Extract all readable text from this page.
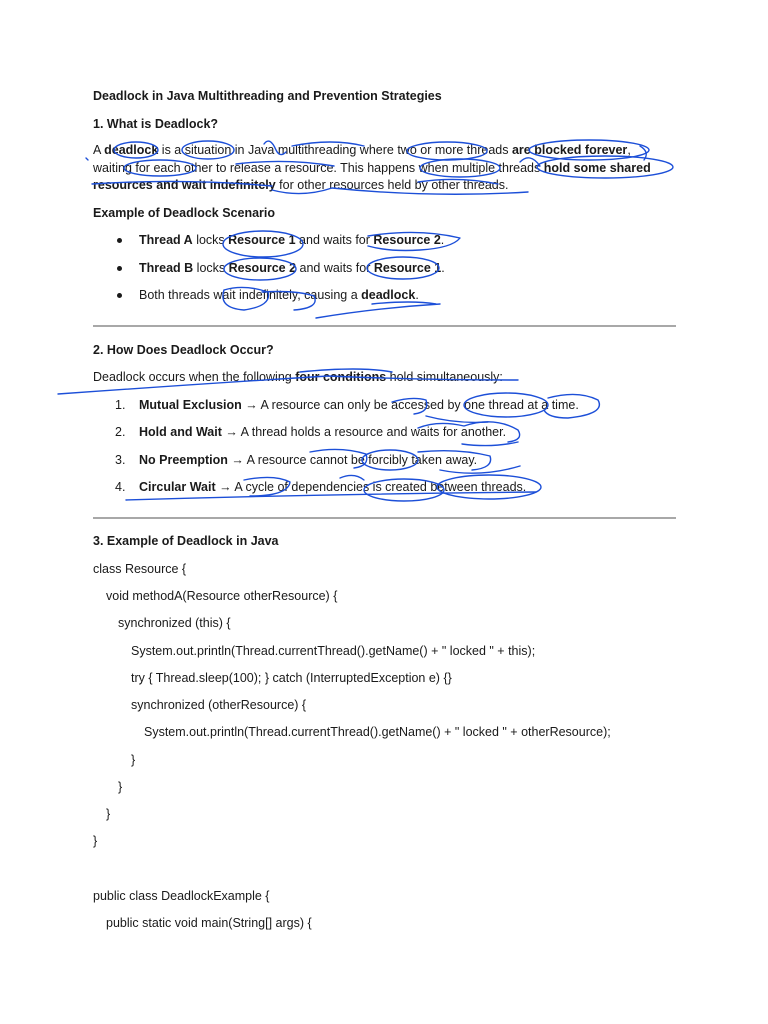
Deadlock in Java Multithreading and Prevention Strategies
1. What is Deadlock?
A deadlock is a situation in Java multithreading where two or more threads are blocked forever,
waiting for each other to release a resource. This happens when multiple threads hold some shared
resources and wait indefinitely for other resources held by other threads.
Example of Deadlock Scenario
Thread A locks Resource 1 and waits for Resource 2.
Thread B locks Resource 2 and waits for Resource 1.
Both threads wait indefinitely, causing a deadlock.
2. How Does Deadlock Occur?
Deadlock occurs when the following four conditions hold simultaneously:
1. Mutual Exclusion → A resource can only be accessed by one thread at a time.
2. Hold and Wait → A thread holds a resource and waits for another.
3. No Preemption → A resource cannot be forcibly taken away.
4. Circular Wait → A cycle of dependencies is created between threads.
3. Example of Deadlock in Java
class Resource {
void methodA(Resource otherResource) {
synchronized (this) {
System.out.println(Thread.currentThread().getName() + " locked " + this);
try { Thread.sleep(100); } catch (InterruptedException e) {}
synchronized (otherResource) {
System.out.println(Thread.currentThread().getName() + " locked " + otherResource);
}
}
}
}
public class DeadlockExample {
public static void main(String[] args) {
